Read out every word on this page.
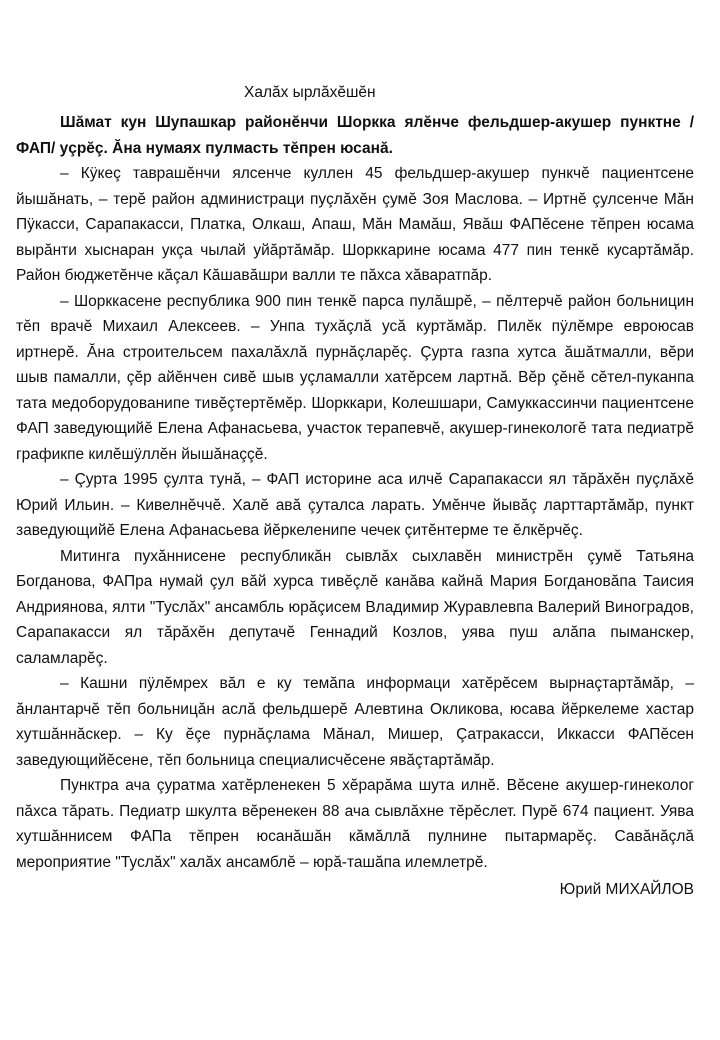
Халăх ырлăхĕшĕн

Шăмат кун Шупашкар районĕнчи Шоркка ялĕнче фельдшер-акушер пунктне /ФАП/ уçрĕç. Ăна нумаях пулмасть тĕпрен юсанă.

– Кÿкеç таврашĕнчи ялсенче куллен 45 фельдшер-акушер пункчĕ пациентсене йышăнать, – терĕ район администраци пуçлăхĕн çумĕ Зоя Маслова. – Иртнĕ çулсенче Мăн Пÿкасси, Сарапакасси, Платка, Олкаш, Апаш, Мăн Мамăш, Явăш ФАПĕсене тĕпрен юсама вырăнти хыснаран укçа чылай уйăртăмăр. Шорккарине юсама 477 пин тенкĕ кусартăмăр. Район бюджетĕнче кăçал Кăшавăшри валли те пăхса хăваратпăр.

– Шорккасене республика 900 пин тенкĕ парса пулăшрĕ, – пĕлтерчĕ район больницин тĕп врачĕ Михаил Алексеев. – Унпа тухăçлă усă куртăмăр. Пилĕк пÿлĕмре евроюсав иртнерĕ. Ăна строительсем пахалăхлă пурнăçларĕç. Çурта газпа хутса ăшăтмалли, вĕри шыв памалли, çĕр айĕнчен сивĕ шыв уçламалли хатĕрсем лартнă. Вĕр çĕнĕ сĕтел-пуканпа тата медоборудованипе тивĕçтертĕмĕр. Шорккари, Колешшари, Самуккассинчи пациентсене ФАП заведующийĕ Елена Афанасьева, участок терапевчĕ, акушер-гинекологĕ тата педиатрĕ графикпе килĕшÿллĕн йышăнаççĕ.

– Çурта 1995 çулта тунă, – ФАП историне аса илчĕ Сарапакасси ял тăрăхĕн пуçлăхĕ Юрий Ильин. – Кивелнĕччĕ. Халĕ авă çуталса ларать. Умĕнче йывăç ларттартăмăр, пункт заведующийĕ Елена Афанасьева йĕркеленипе чечек çитĕнтерме те ĕлкĕрчĕç.

Митинга пухăннисене республикăн сывлăх сыхлавĕн министрĕн çумĕ Татьяна Богданова, ФАПра нумай çул вăй хурса тивĕçлĕ канăва кайнă Мария Богдановăпа Таисия Андриянова, ялти "Туслăх" ансамбль юрăçисем Владимир Журавлевпа Валерий Виноградов, Сарапакасси ял тăрăхĕн депутачĕ Геннадий Козлов, уява пуш алăпа пыманскер, саламларĕç.

– Кашни пÿлĕмрех вăл е ку темăпа информаци хатĕрĕсем вырнаçтартăмăр, – ăнлантарчĕ тĕп больницăн аслă фельдшерĕ Алевтина Окликова, юсава йĕркелеме хастар хутшăннăскер. – Ку ĕçе пурнăçлама Мăнал, Мишер, Çатракасси, Иккасси ФАПĕсен заведующийĕсене, тĕп больница специалисчĕсене явăçтартăмăр.

Пунктра ача çуратма хатĕрленекен 5 хĕрарăма шута илнĕ. Вĕсене акушер-гинеколог пăхса тăрать. Педиатр шкулта вĕренекен 88 ача сывлăхне тĕрĕслет. Пурĕ 674 пациент. Уява хутшăннисем ФАПа тĕпрен юсанăшăн кăмăллă пулнине пытармарĕç. Савăнăçлă мероприятие "Туслăх" халăх ансамблĕ – юрă-ташăпа илемлетрĕ.

Юрий МИХАЙЛОВ
